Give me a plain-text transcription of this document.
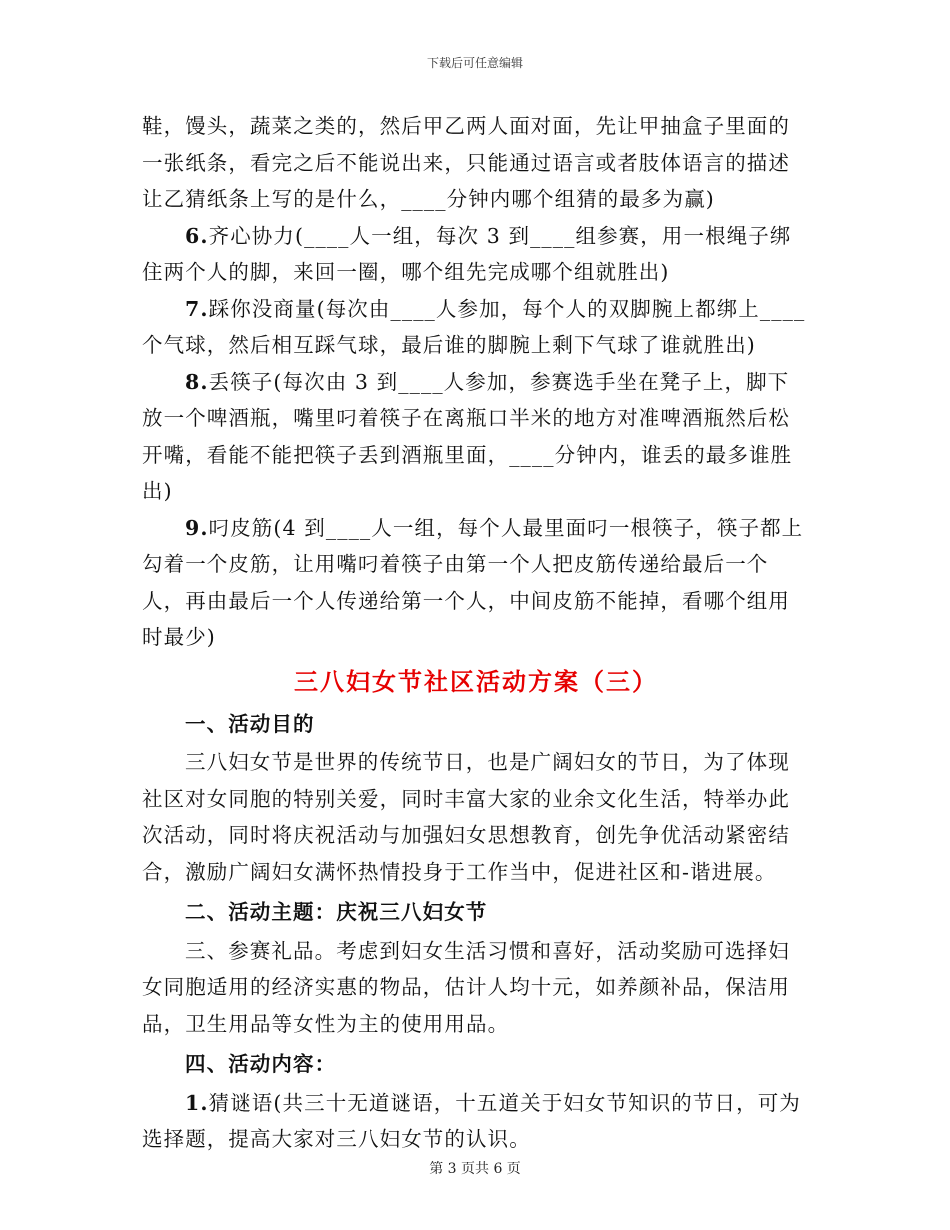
下载后可任意编辑

鞋，馒头，蔬菜之类的，然后甲乙两人面对面，先让甲抽盒子里面的一张纸条，看完之后不能说出来，只能通过语言或者肢体语言的描述让乙猜纸条上写的是什么，____分钟内哪个组猜的最多为赢)

6.齐心协力(____人一组，每次 3 到____组参赛，用一根绳子绑住两个人的脚，来回一圈，哪个组先完成哪个组就胜出)

7.踩你没商量(每次由____人参加，每个人的双脚腕上都绑上____个气球，然后相互踩气球，最后谁的脚腕上剩下气球了谁就胜出)

8.丢筷子(每次由 3 到____人参加，参赛选手坐在凳子上，脚下放一个啤酒瓶，嘴里叼着筷子在离瓶口半米的地方对准啤酒瓶然后松开嘴，看能不能把筷子丢到酒瓶里面，____分钟内，谁丢的最多谁胜出)

9.叼皮筋(4 到____人一组，每个人最里面叼一根筷子，筷子都上勾着一个皮筋，让用嘴叼着筷子由第一个人把皮筋传递给最后一个人，再由最后一个人传递给第一个人，中间皮筋不能掉，看哪个组用时最少)

三八妇女节社区活动方案（三）

一、活动目的

三八妇女节是世界的传统节日，也是广阔妇女的节日，为了体现社区对女同胞的特别关爱，同时丰富大家的业余文化生活，特举办此次活动，同时将庆祝活动与加强妇女思想教育，创先争优活动紧密结合，激励广阔妇女满怀热情投身于工作当中，促进社区和-谐进展。

二、活动主题：庆祝三八妇女节

三、参赛礼品。考虑到妇女生活习惯和喜好，活动奖励可选择妇女同胞适用的经济实惠的物品，估计人均十元，如养颜补品，保洁用品，卫生用品等女性为主的使用用品。

四、活动内容：

1.猜谜语(共三十无道谜语，十五道关于妇女节知识的节日，可为选择题，提高大家对三八妇女节的认识。

第 3 页共 6 页
